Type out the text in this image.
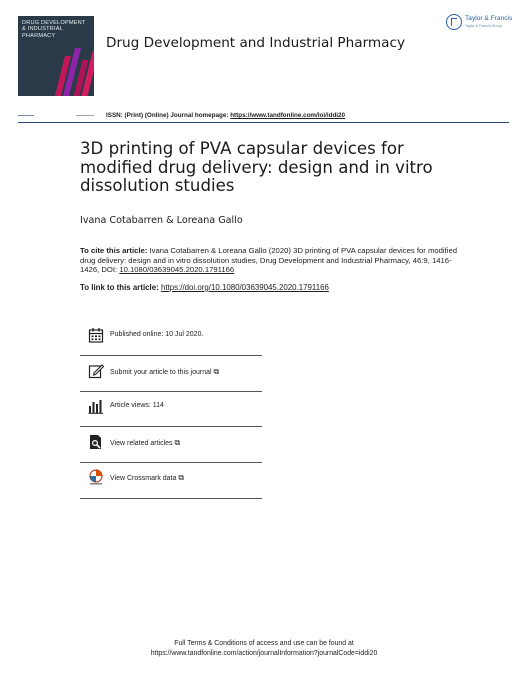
DRUG DEVELOPMENT
& INDUSTRIAL
PHARMACY	Drug Development and Industrial Pharmacy
Taylor & Francis
Taylor & Francis Group
ISSN: (Print) (Online) Journal homepage: https://www.tandfonline.com/loi/iddi20
3D printing of PVA capsular devices for modified drug delivery: design and in vitro dissolution studies
Ivana Cotabarren & Loreana Gallo
To cite this article: Ivana Cotabarren & Loreana Gallo (2020) 3D printing of PVA capsular devices for modified drug delivery: design and in vitro dissolution studies, Drug Development and Industrial Pharmacy, 46:9, 1416-1426, DOI: 10.1080/03639045.2020.1791166
To link to this article: https://doi.org/10.1080/03639045.2020.1791166
Published online: 10 Jul 2020.
Submit your article to this journal ⧉
Article views: 114
View related articles ⧉
View Crossmark data ⧉
Full Terms & Conditions of access and use can be found at
https://www.tandfonline.com/action/journalInformation?journalCode=iddi20
